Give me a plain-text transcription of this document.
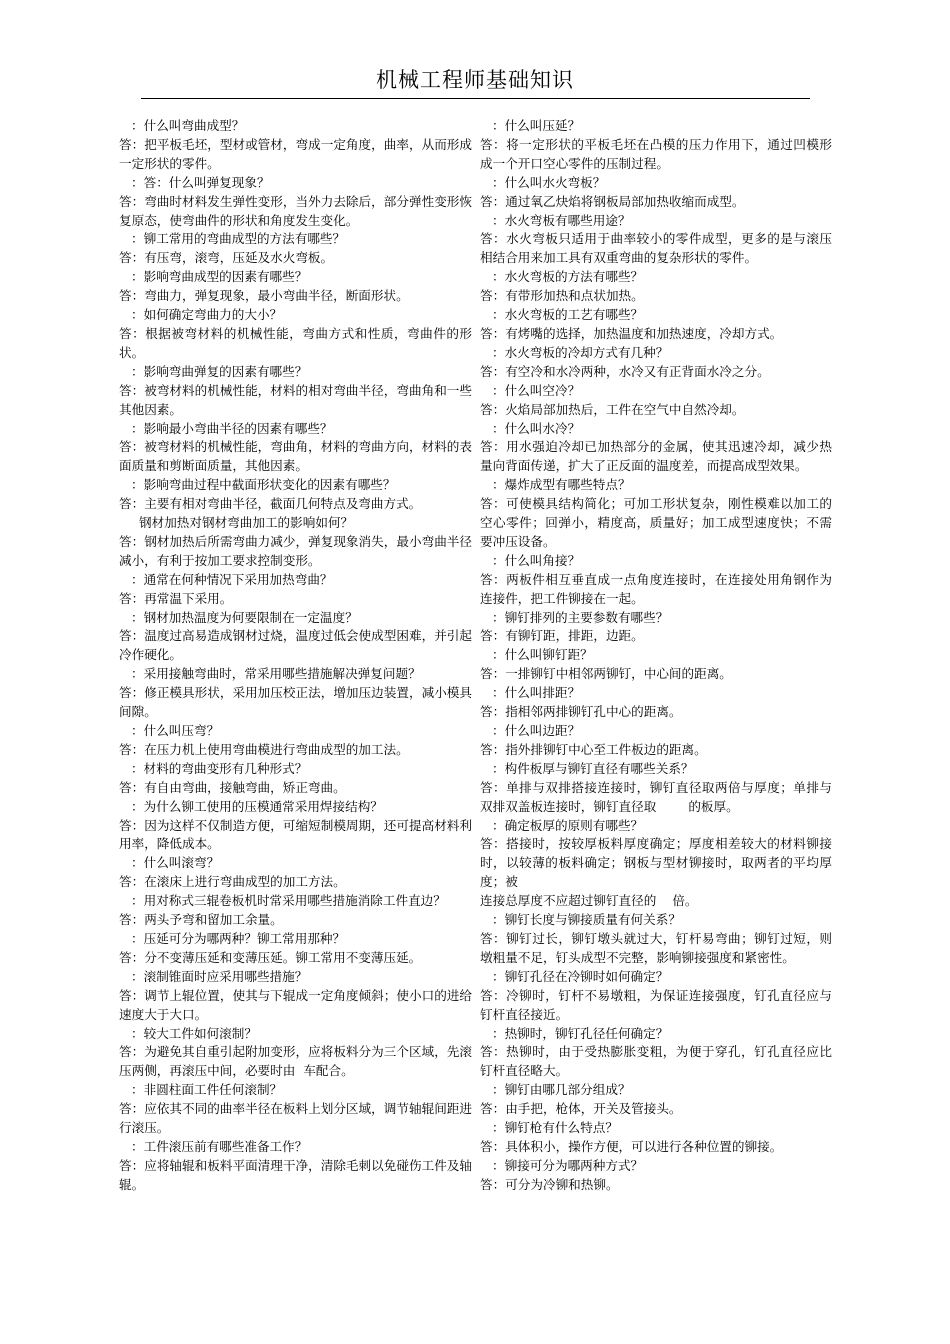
机械工程师基础知识

：什么叫弯曲成型？

答：把平板毛坯，型材或管材，弯成一定角度，曲率，从而形成一定形状的零件。

：答：什么叫弹复现象？

答：弯曲时材料发生弹性变形，当外力去除后，部分弹性变形恢复原态，使弯曲件的形状和角度发生变化。

：铆工常用的弯曲成型的方法有哪些？

答：有压弯，滚弯，压延及水火弯板。

：影响弯曲成型的因素有哪些？

答：弯曲力，弹复现象，最小弯曲半径，断面形状。

：如何确定弯曲力的大小？

答：根据被弯材料的机械性能，弯曲方式和性质，弯曲件的形状。

：影响弯曲弹复的因素有哪些？

答：被弯材料的机械性能，材料的相对弯曲半径，弯曲角和一些其他因素。

：影响最小弯曲半径的因素有哪些？

答：被弯材料的机械性能，弯曲角，材料的弯曲方向，材料的表面质量和剪断面质量，其他因素。

：影响弯曲过程中截面形状变化的因素有哪些？

答：主要有相对弯曲半径，截面几何特点及弯曲方式。

钢材加热对钢材弯曲加工的影响如何？

答：钢材加热后所需弯曲力减少，弹复现象消失，最小弯曲半径减小，有利于按加工要求控制变形。

：通常在何种情况下采用加热弯曲？

答：再常温下采用。

：钢材加热温度为何要限制在一定温度？

答：温度过高易造成钢材过烧，温度过低会使成型困难，并引起冷作硬化。

：采用接触弯曲时，常采用哪些措施解决弹复问题？

答：修正模具形状，采用加压校正法，增加压边装置，减小模具间隙。

：什么叫压弯？

答：在压力机上使用弯曲模进行弯曲成型的加工法。

：材料的弯曲变形有几种形式？

答：有自由弯曲，接触弯曲，矫正弯曲。

：为什么铆工使用的压模通常采用焊接结构？

答：因为这样不仅制造方便，可缩短制模周期，还可提高材料利用率，降低成本。

：什么叫滚弯？

答：在滚床上进行弯曲成型的加工方法。

：用对称式三辊卷板机时常采用哪些措施消除工件直边？

答：两头予弯和留加工余量。

：压延可分为哪两种？铆工常用那种？

答：分不变薄压延和变薄压延。铆工常用不变薄压延。

：滚制锥面时应采用哪些措施？

答：调节上辊位置，使其与下辊成一定角度倾斜；使小口的进给速度大于大口。

：较大工件如何滚制？

答：为避免其自重引起附加变形，应将板料分为三个区域，先滚压两侧，再滚压中间，必要时由  车配合。

：非圆柱面工件任何滚制？

答：应依其不同的曲率半径在板料上划分区域，调节轴辊间距进行滚压。

：工件滚压前有哪些准备工作？

答：应将轴辊和板料平面清理干净，清除毛刺以免碰伤工件及轴辊。

：什么叫压延？

答：将一定形状的平板毛坯在凸模的压力作用下，通过凹模形成一个开口空心零件的压制过程。

：什么叫水火弯板？

答：通过氧乙炔焰将钢板局部加热收缩而成型。

：水火弯板有哪些用途？

答：水火弯板只适用于曲率较小的零件成型，更多的是与滚压相结合用来加工具有双重弯曲的复杂形状的零件。

：水火弯板的方法有哪些？

答：有带形加热和点状加热。

：水火弯板的工艺有哪些？

答：有烤嘴的选择，加热温度和加热速度，冷却方式。

：水火弯板的冷却方式有几种？

答：有空冷和水冷两种，水冷又有正背面水冷之分。

：什么叫空冷？

答：火焰局部加热后，工件在空气中自然冷却。

：什么叫水冷？

答：用水强迫冷却已加热部分的金属，使其迅速冷却，减少热量向背面传递，扩大了正反面的温度差，而提高成型效果。

：爆炸成型有哪些特点？

答：可使模具结构简化；可加工形状复杂，刚性模难以加工的空心零件；回弹小，精度高，质量好；加工成型速度快；不需要冲压设备。

：什么叫角接？

答：两板件相互垂直成一点角度连接时，在连接处用角钢作为连接件，把工件铆接在一起。

：铆钉排列的主要参数有哪些？

答：有铆钉距，排距，边距。

：什么叫铆钉距？

答：一排铆钉中相邻两铆钉，中心间的距离。

：什么叫排距？

答：指相邻两排铆钉孔中心的距离。

：什么叫边距？

答：指外排铆钉中心至工件板边的距离。

：构件板厚与铆钉直径有哪些关系？

答：单排与双排搭接连接时，铆钉直径取两倍与厚度；单排与双排双盖板连接时，铆钉直径取        的板厚。

：确定板厚的原则有哪些？

答：搭接时，按较厚板料厚度确定；厚度相差较大的材料铆接时，以较薄的板料确定；钢板与型材铆接时，取两者的平均厚度；被

连接总厚度不应超过铆钉直径的    倍。

：铆钉长度与铆接质量有何关系？

答：铆钉过长，铆钉墩头就过大，钉杆易弯曲；铆钉过短，则墩粗量不足，钉头成型不完整，影响铆接强度和紧密性。

：铆钉孔径在冷铆时如何确定？

答：冷铆时，钉杆不易墩粗，为保证连接强度，钉孔直径应与钉杆直径接近。

：热铆时，铆钉孔径任何确定？

答：热铆时，由于受热膨胀变粗，为便于穿孔，钉孔直径应比钉杆直径略大。

：铆钉由哪几部分组成？

答：由手把，枪体，开关及管接头。

：铆钉枪有什么特点？

答：具体积小，操作方便，可以进行各种位置的铆接。

：铆接可分为哪两种方式？

答：可分为冷铆和热铆。
